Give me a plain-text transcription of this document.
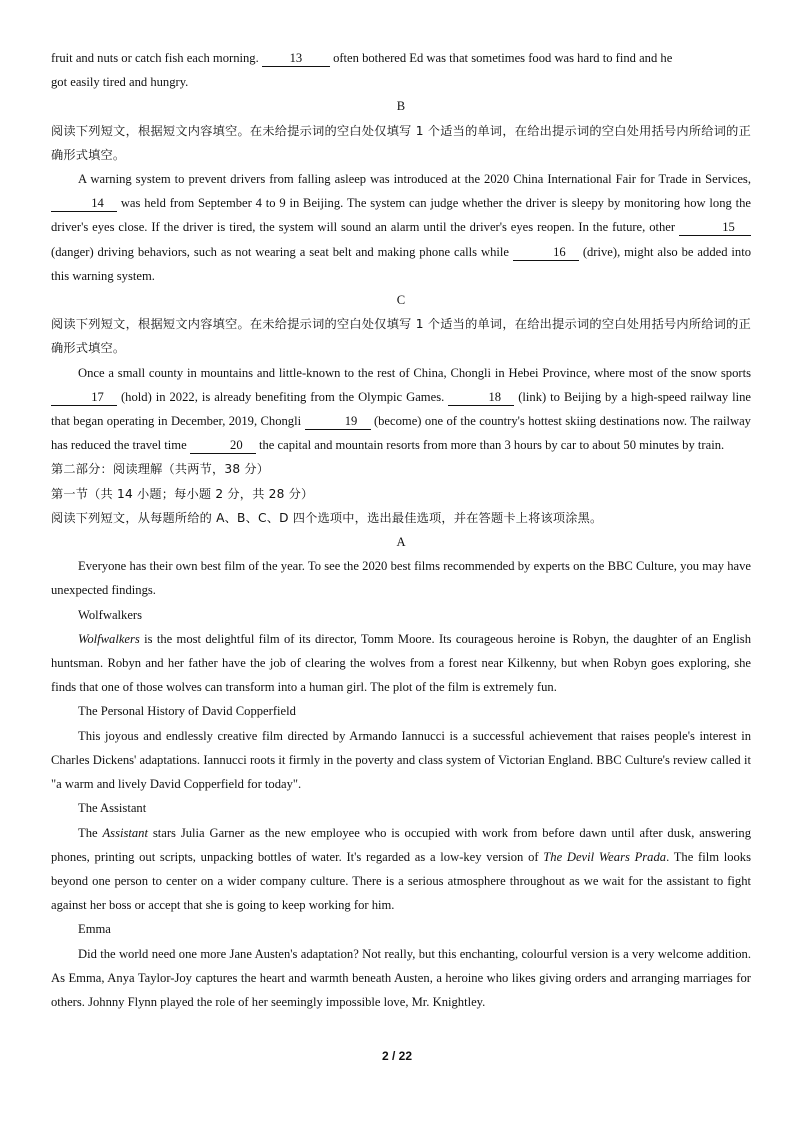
fruit and nuts or catch fish each morning. 13 often bothered Ed was that sometimes food was hard to find and he
got easily tired and hungry.

B

阅读下列短文，根据短文内容填空。在未给提示词的空白处仅填写 1 个适当的单词，在给出提示词的空白处用括号内所给词的正确形式填空。

A warning system to prevent drivers from falling asleep was introduced at the 2020 China International Fair for Trade in Services, 14 was held from September 4 to 9 in Beijing. The system can judge whether the driver is sleepy by monitoring how long the driver's eyes close. If the driver is tired, the system will sound an alarm until the driver's eyes reopen. In the future, other	15 (danger) driving behaviors, such as not wearing a seat belt and making phone calls while	16 (drive), might also be added into this warning system.

C

阅读下列短文，根据短文内容填空。在未给提示词的空白处仅填写 1 个适当的单词，在给出提示词的空白处用括号内所给词的正确形式填空。

Once a small county in mountains and little-known to the rest of China, Chongli in Hebei Province, where most of the snow sports 17 (hold) in 2022, is already benefiting from the Olympic Games.	18 (link) to Beijing by a high-speed railway line that began operating in December, 2019, Chongli	19 (become) one of the country's hottest skiing destinations now. The railway has reduced the travel time	20 the capital and mountain resorts from more than 3 hours by car to about 50 minutes by train.

第二部分：阅读理解（共两节，38 分）

第一节（共 14 小题；每小题 2 分，共 28 分）

阅读下列短文，从每题所给的 A、B、C、D 四个选项中，选出最佳选项，并在答题卡上将该项涂黑。

A

Everyone has their own best film of the year. To see the 2020 best films recommended by experts on the BBC Culture, you may have unexpected findings.

Wolfwalkers

Wolfwalkers is the most delightful film of its director, Tomm Moore. Its courageous heroine is Robyn, the daughter of an English huntsman. Robyn and her father have the job of clearing the wolves from a forest near Kilkenny, but when Robyn goes exploring, she finds that one of those wolves can transform into a human girl. The plot of the film is extremely fun.

The Personal History of David Copperfield

This joyous and endlessly creative film directed by Armando Iannucci is a successful achievement that raises people's interest in Charles Dickens' adaptations. Iannucci roots it firmly in the poverty and class system of Victorian England. BBC Culture's review called it "a warm and lively David Copperfield for today".

The Assistant

The Assistant stars Julia Garner as the new employee who is occupied with work from before dawn until after dusk, answering phones, printing out scripts, unpacking bottles of water. It's regarded as a low-key version of The Devil Wears Prada. The film looks beyond one person to center on a wider company culture. There is a serious atmosphere throughout as we wait for the assistant to fight against her boss or accept that she is going to keep working for him.

Emma

Did the world need one more Jane Austen's adaptation? Not really, but this enchanting, colourful version is a very welcome addition. As Emma, Anya Taylor-Joy captures the heart and warmth beneath Austen, a heroine who likes giving orders and arranging marriages for others. Johnny Flynn played the role of her seemingly impossible love, Mr. Knightley.

2 / 22
